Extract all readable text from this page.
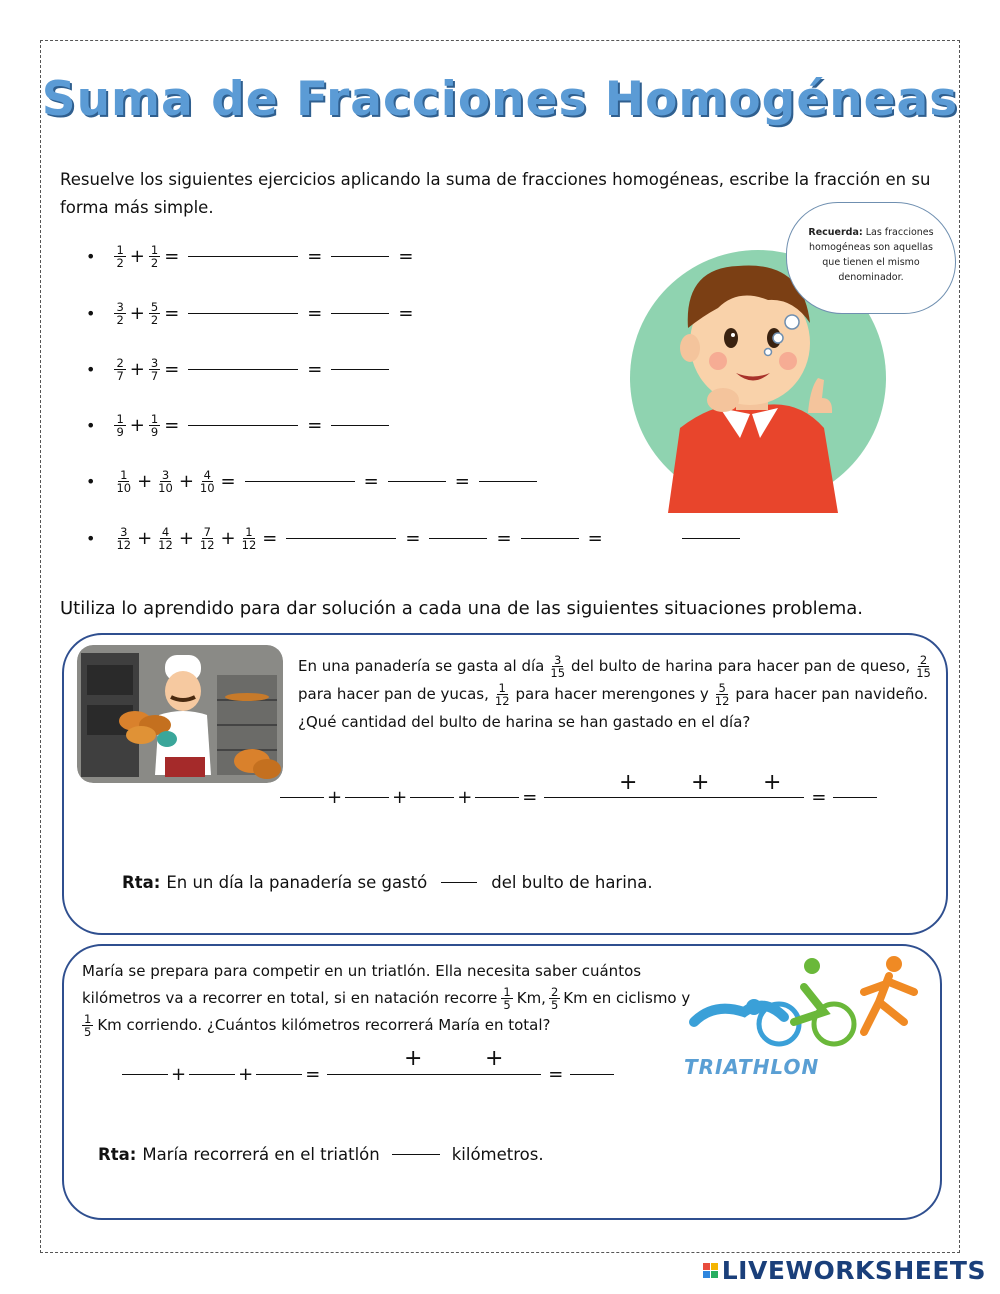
Suma de Fracciones Homogéneas
Resuelve los siguientes ejercicios aplicando la suma de fracciones homogéneas, escribe la fracción en su forma más simple.
• $\frac{1}{2} + \frac{1}{2}$ =	=	=
• $\frac{3}{2} + \frac{5}{2}$ =	=	=
• $\frac{2}{7} + \frac{3}{7}$ =	=
• $\frac{1}{9} + \frac{1}{9}$ =	=
• $\frac{1}{10} + \frac{3}{10} + \frac{4}{10}$ =	=	=
• $\frac{3}{12} + \frac{4}{12} + \frac{7}{12} + \frac{1}{12}$ =	=	=	=
Recuerda: Las fracciones homogéneas son aquellas que tienen el mismo denominador.
Utiliza lo aprendido para dar solución a cada una de las siguientes situaciones problema.
En una panadería se gasta al día $\frac{3}{15}$ del bulto de harina para hacer pan de queso, $\frac{2}{15}$
para hacer pan de yucas, $\frac{1}{12}$ para hacer merengones y $\frac{5}{12}$ para hacer pan navideño.
¿Qué cantidad del bulto de harina se han gastado en el día?
+	+	+	=	=
+ + +
Rta: En un día la panadería se gastó	del bulto de harina.
María se prepara para competir en un triatlón. Ella necesita saber cuántos
kilómetros va a recorrer en total, si en natación recorre $\frac{1}{5} Km$, $\frac{2}{5}$ Km en ciclismo y
$\frac{1}{5}$ Km corriendo. ¿Cuántos kilómetros recorrerá María en total?
TRIATHLON
+	+	=	=
+	+
Rta: María recorrerá en el triatlón	kilómetros.
LIVEWORKSHEETS
